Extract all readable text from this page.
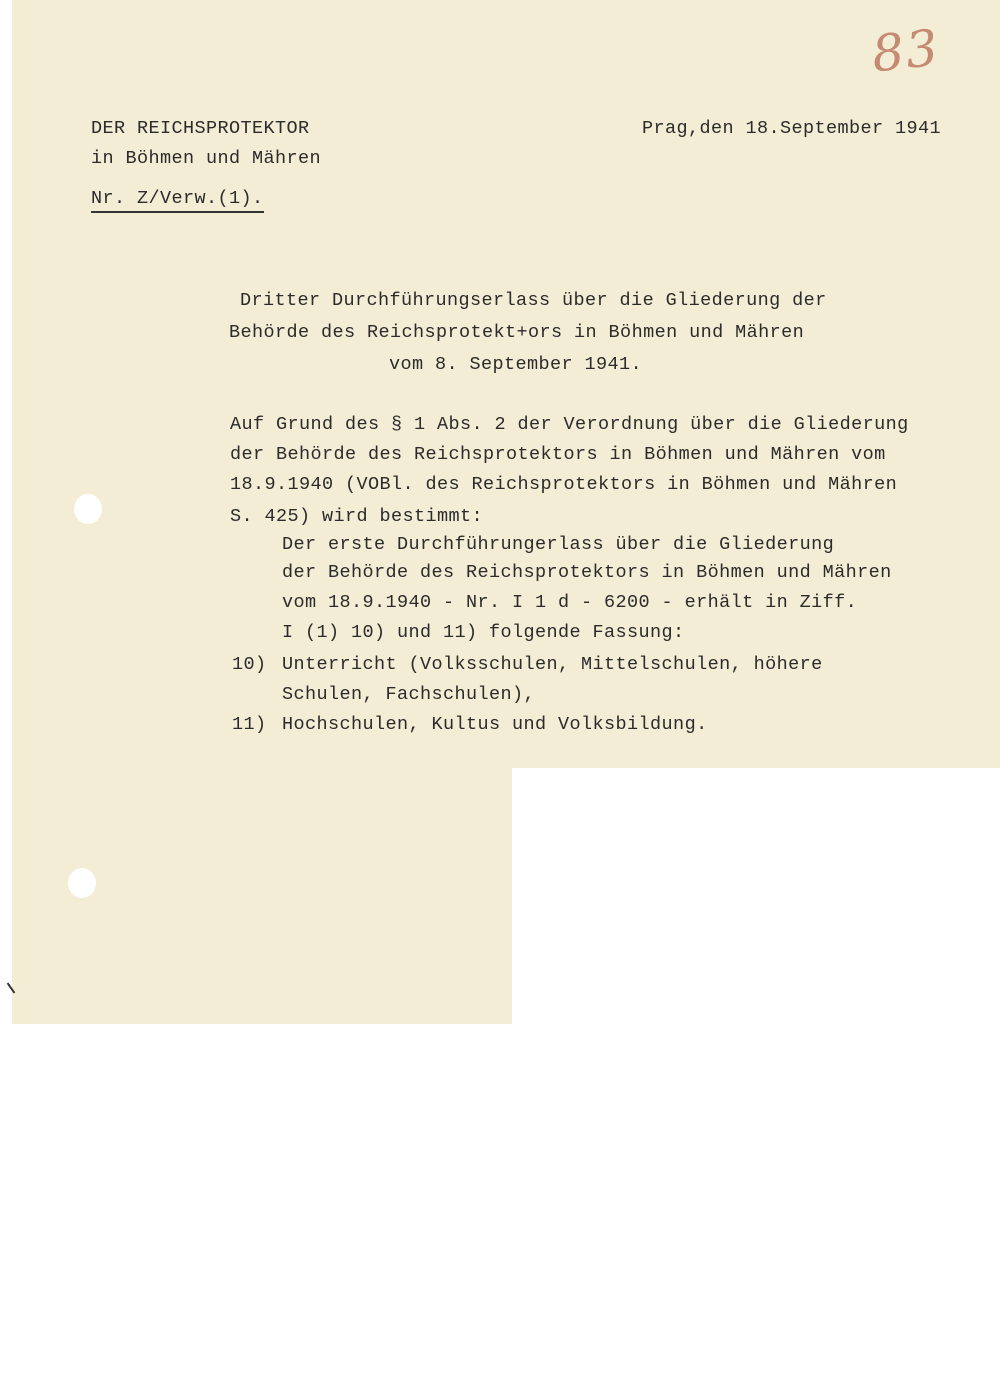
83
DER REICHSPROTEKTOR
in Böhmen und Mähren
Nr. Z/Verw.(1).
Prag,den 18.September 1941
Dritter Durchführungserlass über die Gliederung der
Behörde des Reichsprotekt+ors in Böhmen und Mähren
vom 8. September 1941.
Auf Grund des § 1 Abs. 2 der Verordnung über die Gliederung
der Behörde des Reichsprotektors in Böhmen und Mähren vom
18.9.1940 (VOBl. des Reichsprotektors in Böhmen und Mähren
S. 425) wird bestimmt:
Der erste Durchführungerlass über die Gliederung
der Behörde des Reichsprotektors in Böhmen und Mähren
vom 18.9.1940 - Nr. I 1 d - 6200 - erhält in Ziff.
I (1) 10) und 11) folgende Fassung:
10) Unterricht (Volksschulen, Mittelschulen, höhere
Schulen, Fachschulen),
11) Hochschulen, Kultus und Volksbildung.
